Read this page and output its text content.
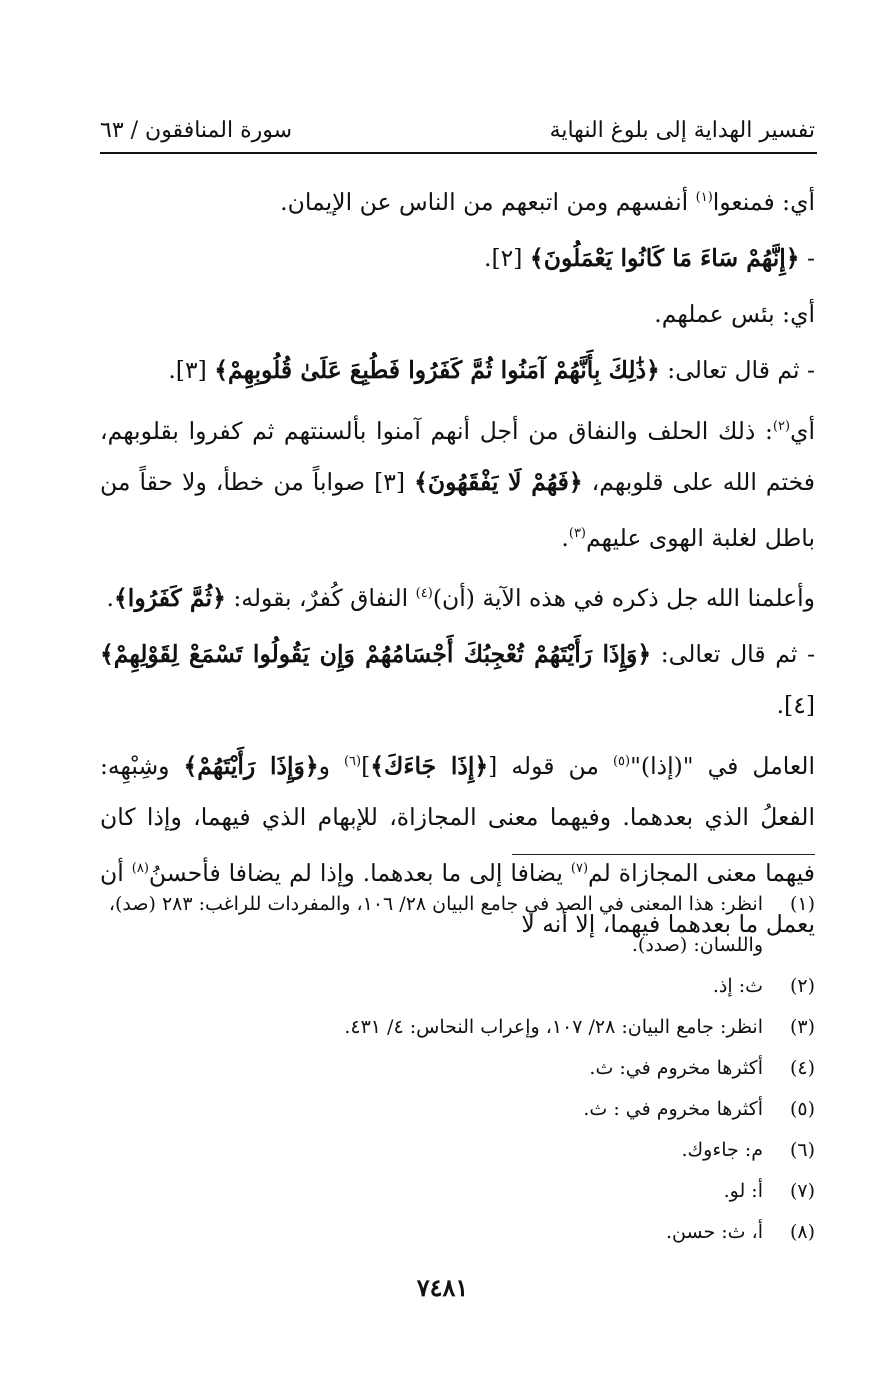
تفسير الهداية إلى بلوغ النهاية
سورة المنافقون / ٦٣

أي: فمنعوا$^{(١)}$ أنفسهم ومن اتبعهم من الناس عن الإيمان.

- ﴿إِنَّهُمْ سَاءَ مَا كَانُوا يَعْمَلُونَ﴾ [٢].

أي: بئس عملهم.

- ثم قال تعالى: ﴿ذَٰلِكَ بِأَنَّهُمْ آمَنُوا ثُمَّ كَفَرُوا فَطُبِعَ عَلَىٰ قُلُوبِهِمْ﴾ [٣].

أي$^{(٢)}$: ذلك الحلف والنفاق من أجل أنهم آمنوا بألسنتهم ثم كفروا بقلوبهم، فختم الله على قلوبهم، ﴿فَهُمْ لَا يَفْقَهُونَ﴾ [٣] صواباً من خطأ، ولا حقاً من باطل لغلبة الهوى عليهم$^{(٣)}$.

وأعلمنا الله جل ذكره في هذه الآية (أن)$^{(٤)}$ النفاق كُفرٌ، بقوله: ﴿ثُمَّ كَفَرُوا﴾.

- ثم قال تعالى: ﴿وَإِذَا رَأَيْتَهُمْ تُعْجِبُكَ أَجْسَامُهُمْ وَإِن يَقُولُوا تَسْمَعْ لِقَوْلِهِمْ﴾ [٤].

العامل في "(إذا)"$^{(٥)}$ من قوله [﴿إِذَا جَاءَكَ﴾]$^{(٦)}$ و﴿وَإِذَا رَأَيْتَهُمْ﴾ وشِبْهِه: الفعلُ الذي بعدهما. وفيهما معنى المجازاة، للإبهام الذي فيهما، وإذا كان فيهما معنى المجازاة لم$^{(٧)}$ يضافا إلى ما بعدهما. وإذا لم يضافا فأحسنُ$^{(٨)}$ أن يعمل ما بعدهما فيهما، إلا أنه لا

(١)
انظر: هذا المعنى في الصد في جامع البيان ٢٨/ ١٠٦، والمفردات للراغب: ٢٨٣ (صد)، واللسان: (صدد).
(٢)
ث: إذ.
(٣)
انظر: جامع البيان: ٢٨/ ١٠٧، وإعراب النحاس: ٤/ ٤٣١.
(٤)
أكثرها مخروم في: ث.
(٥)
أكثرها مخروم في : ث.
(٦)
م: جاءوك.
(٧)
أ: لو.
(٨)
أ، ث: حسن.
٧٤٨١
